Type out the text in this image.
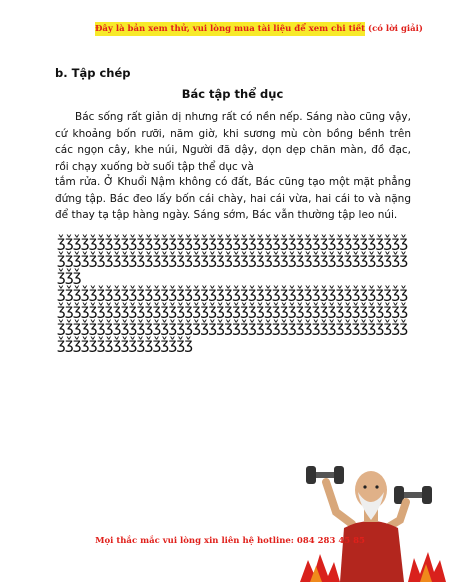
Đây là bản xem thử, vui lòng mua tài liệu để xem chi tiết (có lời giải)
b. Tập chép
Bác tập thể dục

Bác sống rất giản dị nhưng rất có nền nếp. Sáng nào cũng vậy, cứ khoảng bốn rưỡi, năm giờ, khi sương mù còn bồng bềnh trên các ngọn cây, khe núi, Người đã dậy, dọn dẹp chăn màn, đồ đạc, rồi chạy xuống bờ suối tập thể dục và

tắm rửa. Ở Khuổi Nậm không có đất, Bác cũng tạo một mặt phẳng đứng tập. Bác đeo lấy bốn cái chày, hai cái vừa, hai cái to và nặng để thay tạ tập hàng ngày. Sáng sớm, Bác vẫn thường tập leo núi.

ǯǯǯǯǯǯǯǯǯǯǯǯǯǯǯǯǯǯǯǯǯǯǯǯǯǯǯǯǯǯǯǯǯǯǯǯǯǯǯǯǯǯǯǯǯǯǯǯǯǯǯǯǯǯǯǯǯǯǯǯǯǯǯǯǯǯǯǯǯǯǯǯǯǯǯǯǯǯǯǯǯǯǯǯǯǯǯǯǯǯǯ
ǯǯǯǯǯǯǯǯǯǯǯǯǯǯǯǯǯǯǯǯǯǯǯǯǯǯǯǯǯǯǯǯǯǯǯǯǯǯǯǯǯǯǯǯǯǯǯǯǯǯǯǯǯǯǯǯǯǯǯǯǯǯǯǯǯǯǯǯǯǯǯǯǯǯǯǯǯǯǯǯǯǯǯǯǯǯǯǯǯǯǯǯǯǯǯǯǯǯǯǯǯǯǯǯǯǯǯǯǯǯǯǯǯǯǯǯǯǯǯǯǯǯǯǯǯǯǯǯǯǯǯǯǯǯǯǯǯǯǯǯǯǯǯǯǯǯǯǯǯ
Mọi thắc mắc vui lòng xin liên hệ hotline: 084 283 45 85
